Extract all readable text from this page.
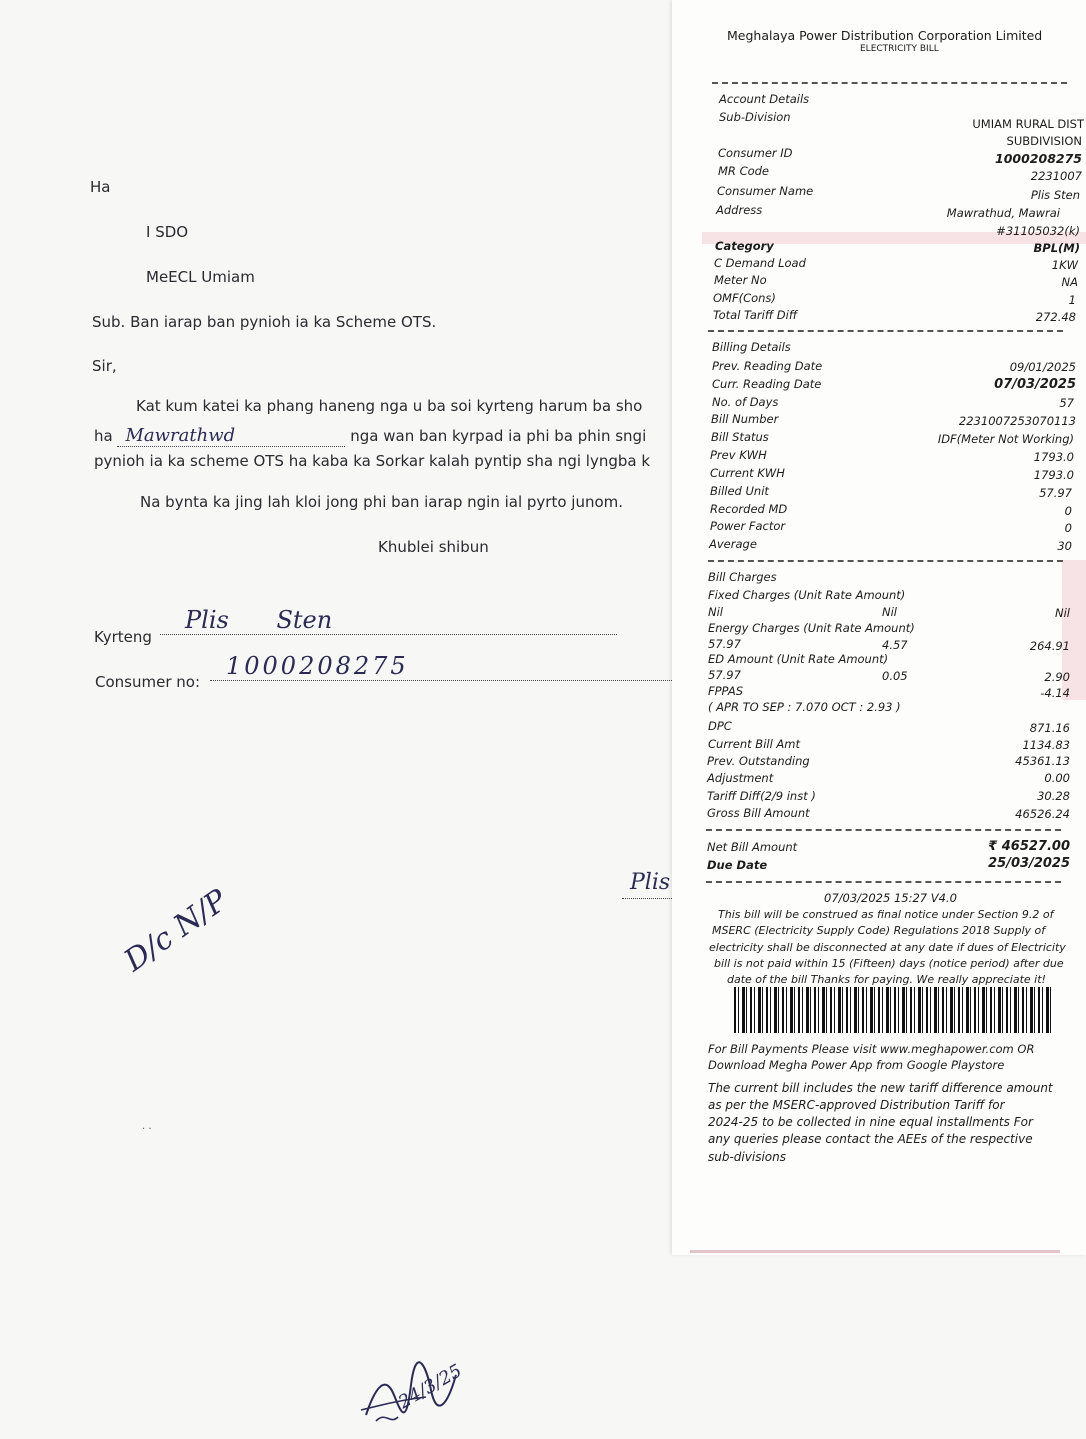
Ha
I SDO
MeECL Umiam
Sub. Ban iarap ban pynioh ia ka Scheme OTS.
Sir,
Kat kum katei ka phang haneng nga u ba soi kyrteng harum ba sho
ha Mawrathwd	nga wan ban kyrpad ia phi ba phin sngi
pynioh ia ka scheme OTS ha kaba ka Sorkar kalah pyntip sha ngi lyngba k
Na bynta ka jing lah kloi jong phi ban iarap ngin ial pyrto junom.
Khublei shibun
Kyrteng
Plis Sten
Consumer no:
1000208275
Plis
D/c N/P
· ·
24/3/25
Meghalaya Power Distribution Corporation Limited
ELECTRICITY BILL
Account Details
Sub-Division	UMIAM RURAL DIST
SUBDIVISION
Consumer ID	1000208275
MR Code	2231007
Consumer Name	Plis Sten
Address	Mawrathud, Mawrai
#31105032(k)
Category	BPL(M)
C Demand Load	1KW
Meter No	NA
OMF(Cons)	1
Total Tariff Diff	272.48
Billing Details
Prev. Reading Date	09/01/2025
Curr. Reading Date	07/03/2025
No. of Days	57
Bill Number	2231007253070113
Bill Status	IDF(Meter Not Working)
Prev KWH	1793.0
Current KWH	1793.0
Billed Unit	57.97
Recorded MD	0
Power Factor	0
Average	30
Bill Charges
Fixed Charges (Unit Rate Amount)
Nil	Nil	Nil
Energy Charges (Unit Rate Amount)
57.97	4.57	264.91
ED Amount (Unit Rate Amount)
57.97	0.05	2.90
FPPAS	-4.14
( APR TO SEP : 7.070 OCT : 2.93 )
DPC	871.16
Current Bill Amt	1134.83
Prev. Outstanding	45361.13
Adjustment	0.00
Tariff Diff(2/9 inst )	30.28
Gross Bill Amount	46526.24
Net Bill Amount	₹ 46527.00
Due Date	25/03/2025
07/03/2025 15:27 V4.0
This bill will be construed as final notice under Section 9.2 of
MSERC (Electricity Supply Code) Regulations 2018 Supply of
electricity shall be disconnected at any date if dues of Electricity
bill is not paid within 15 (Fifteen) days (notice period) after due
date of the bill Thanks for paying. We really appreciate it!
For Bill Payments Please visit www.meghapower.com OR
Download Megha Power App from Google Playstore
The current bill includes the new tariff difference amount
as per the MSERC-approved Distribution Tariff for
2024-25 to be collected in nine equal installments For
any queries please contact the AEEs of the respective
sub-divisions
